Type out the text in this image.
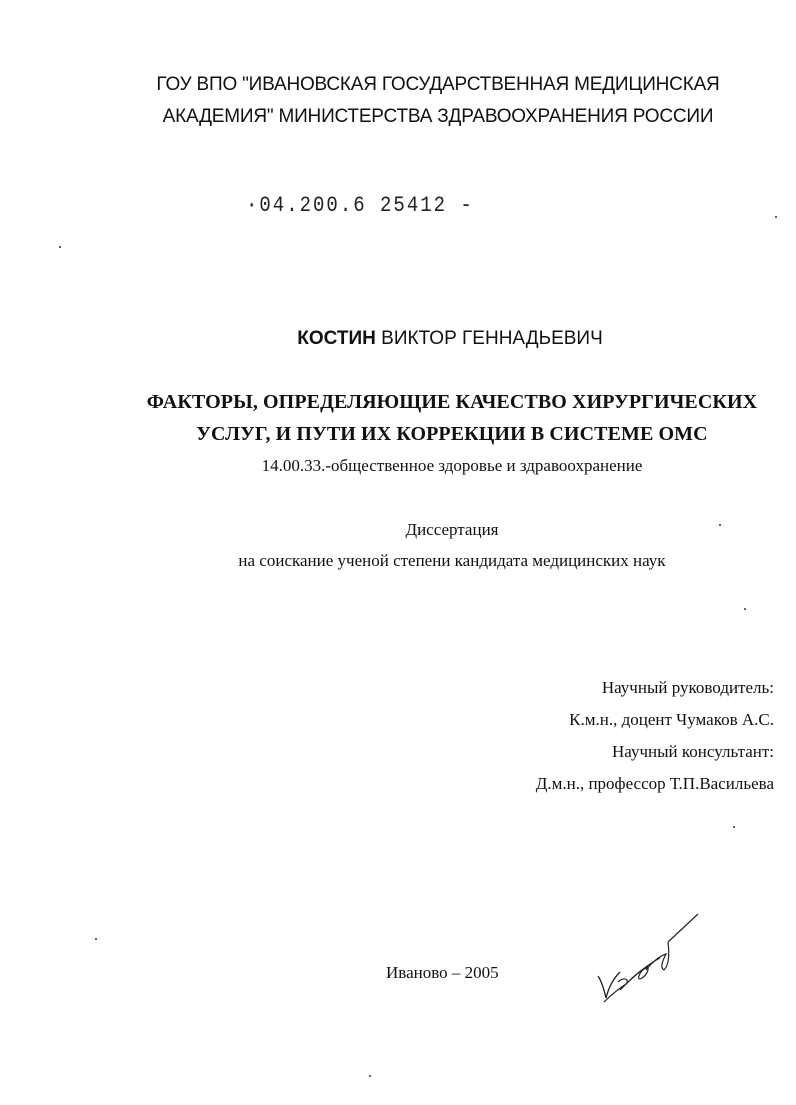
ГОУ ВПО "ИВАНОВСКАЯ ГОСУДАРСТВЕННАЯ МЕДИЦИНСКАЯ
АКАДЕМИЯ" МИНИСТЕРСТВА ЗДРАВООХРАНЕНИЯ РОССИИ
·04.200.6 25412 -
КОСТИН ВИКТОР ГЕННАДЬЕВИЧ
ФАКТОРЫ, ОПРЕДЕЛЯЮЩИЕ КАЧЕСТВО ХИРУРГИЧЕСКИХ
УСЛУГ, И ПУТИ ИХ КОРРЕКЦИИ В СИСТЕМЕ ОМС
14.00.33.-общественное здоровье и здравоохранение
Диссертация
на соискание ученой степени кандидата медицинских наук
Научный руководитель:
К.м.н., доцент Чумаков А.С.
Научный консультант:
Д.м.н., профессор Т.П.Васильева
Иваново – 2005
